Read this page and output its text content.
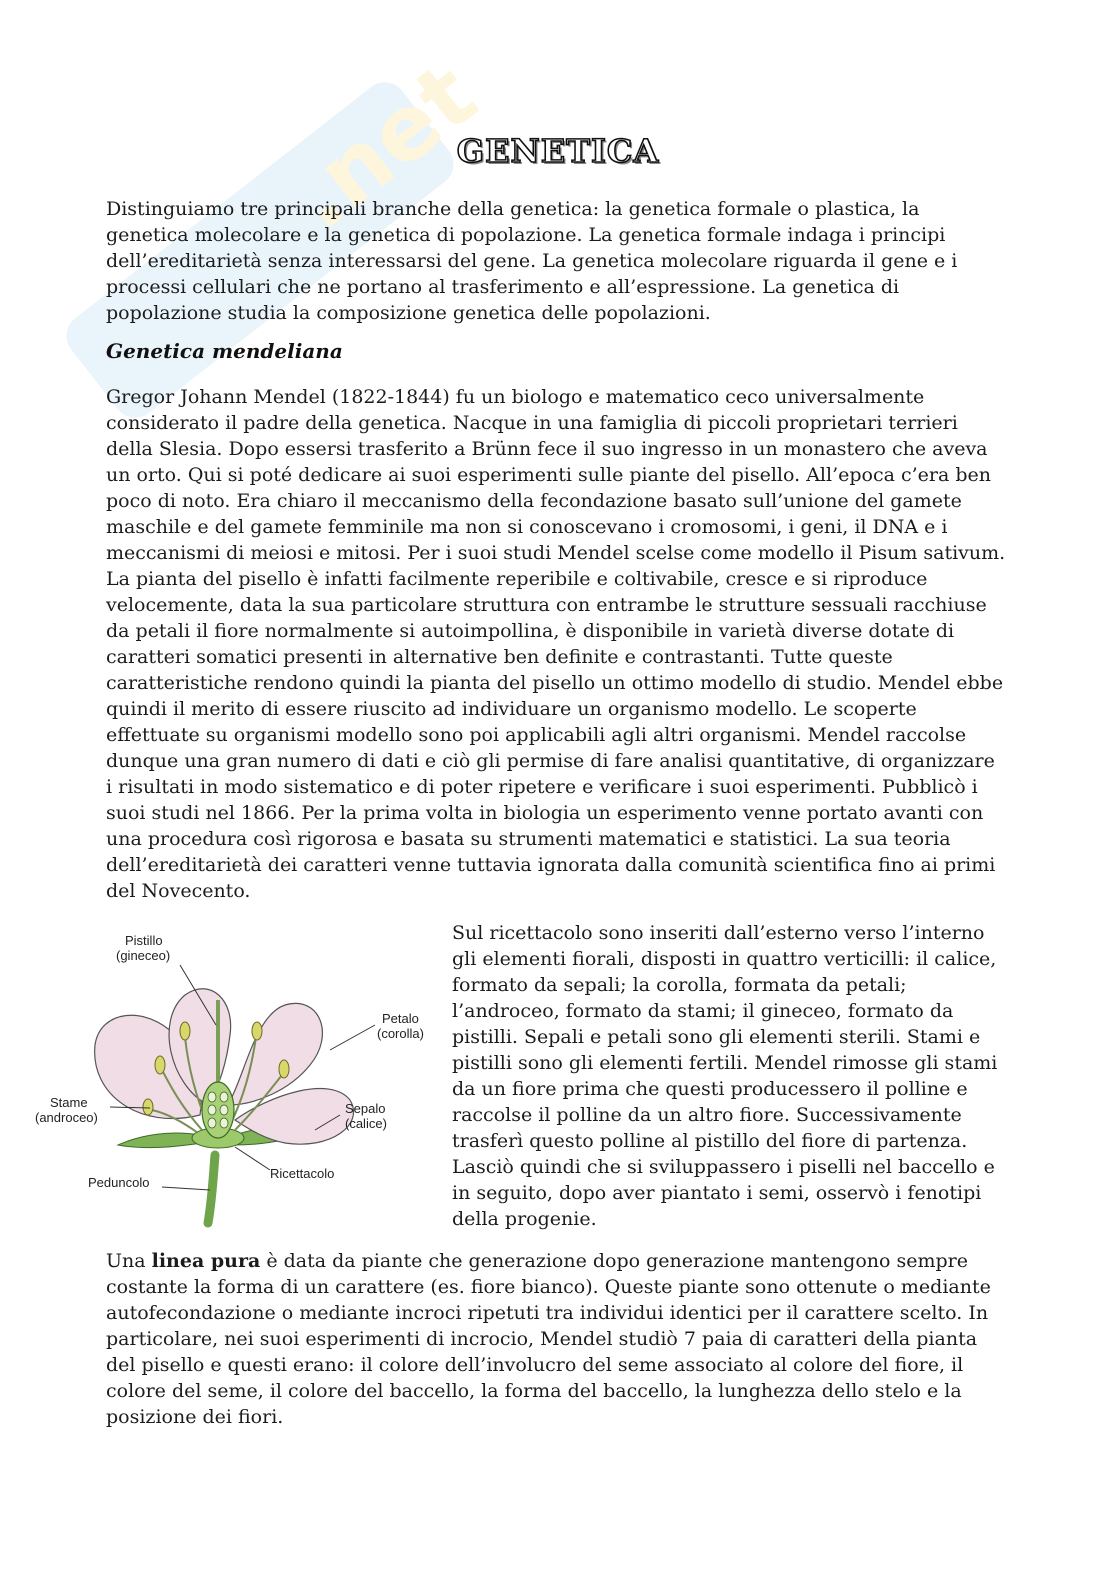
.net
GENETICA

Distinguiamo tre principali branche della genetica: la genetica formale o plastica, la genetica molecolare e la genetica di popolazione. La genetica formale indaga i principi dell’ereditarietà senza interessarsi del gene. La genetica molecolare riguarda il gene e i processi cellulari che ne portano al trasferimento e all’espressione. La genetica di popolazione studia la composizione genetica delle popolazioni.

Genetica mendeliana

Gregor Johann Mendel (1822-1844) fu un biologo e matematico ceco universalmente considerato il padre della genetica. Nacque in una famiglia di piccoli proprietari terrieri della Slesia. Dopo essersi trasferito a Brünn fece il suo ingresso in un monastero che aveva un orto. Qui si poté dedicare ai suoi esperimenti sulle piante del pisello. All’epoca c’era ben poco di noto. Era chiaro il meccanismo della fecondazione basato sull’unione del gamete maschile e del gamete femminile ma non si conoscevano i cromosomi, i geni, il DNA e i meccanismi di meiosi e mitosi. Per i suoi studi Mendel scelse come modello il Pisum sativum. La pianta del pisello è infatti facilmente reperibile e coltivabile, cresce e si riproduce velocemente, data la sua particolare struttura con entrambe le strutture sessuali racchiuse da petali il fiore normalmente si autoimpollina, è disponibile in varietà diverse dotate di caratteri somatici presenti in alternative ben definite e contrastanti. Tutte queste caratteristiche rendono quindi la pianta del pisello un ottimo modello di studio. Mendel ebbe quindi il merito di essere riuscito ad individuare un organismo modello. Le scoperte effettuate su organismi modello sono poi applicabili agli altri organismi. Mendel raccolse dunque una gran numero di dati e ciò gli permise di fare analisi quantitative, di organizzare i risultati in modo sistematico e di poter ripetere e verificare i suoi esperimenti. Pubblicò i suoi studi nel 1866. Per la prima volta in biologia un esperimento venne portato avanti con una procedura così rigorosa e basata su strumenti matematici e statistici. La sua teoria dell’ereditarietà dei caratteri venne tuttavia ignorata dalla comunità scientifica fino ai primi del Novecento.

Pistillo
(gineceo)
Petalo
(corolla)
Stame
(androceo)
Sepalo
(calice)
Ricettacolo
Peduncolo

Sul ricettacolo sono inseriti dall’esterno verso l’interno gli elementi fiorali, disposti in quattro verticilli: il calice, formato da sepali; la corolla, formata da petali; l’androceo, formato da stami; il gineceo, formato da pistilli. Sepali e petali sono gli elementi sterili. Stami e pistilli sono gli elementi fertili. Mendel rimosse gli stami da un fiore prima che questi producessero il polline e raccolse il polline da un altro fiore. Successivamente trasferì questo polline al pistillo del fiore di partenza. Lasciò quindi che si sviluppassero i piselli nel baccello e in seguito, dopo aver piantato i semi, osservò i fenotipi della progenie.

Una linea pura è data da piante che generazione dopo generazione mantengono sempre costante la forma di un carattere (es. fiore bianco). Queste piante sono ottenute o mediante autofecondazione o mediante incroci ripetuti tra individui identici per il carattere scelto. In particolare, nei suoi esperimenti di incrocio, Mendel studiò 7 paia di caratteri della pianta del pisello e questi erano: il colore dell’involucro del seme associato al colore del fiore, il colore del seme, il colore del baccello, la forma del baccello, la lunghezza dello stelo e la posizione dei fiori.
